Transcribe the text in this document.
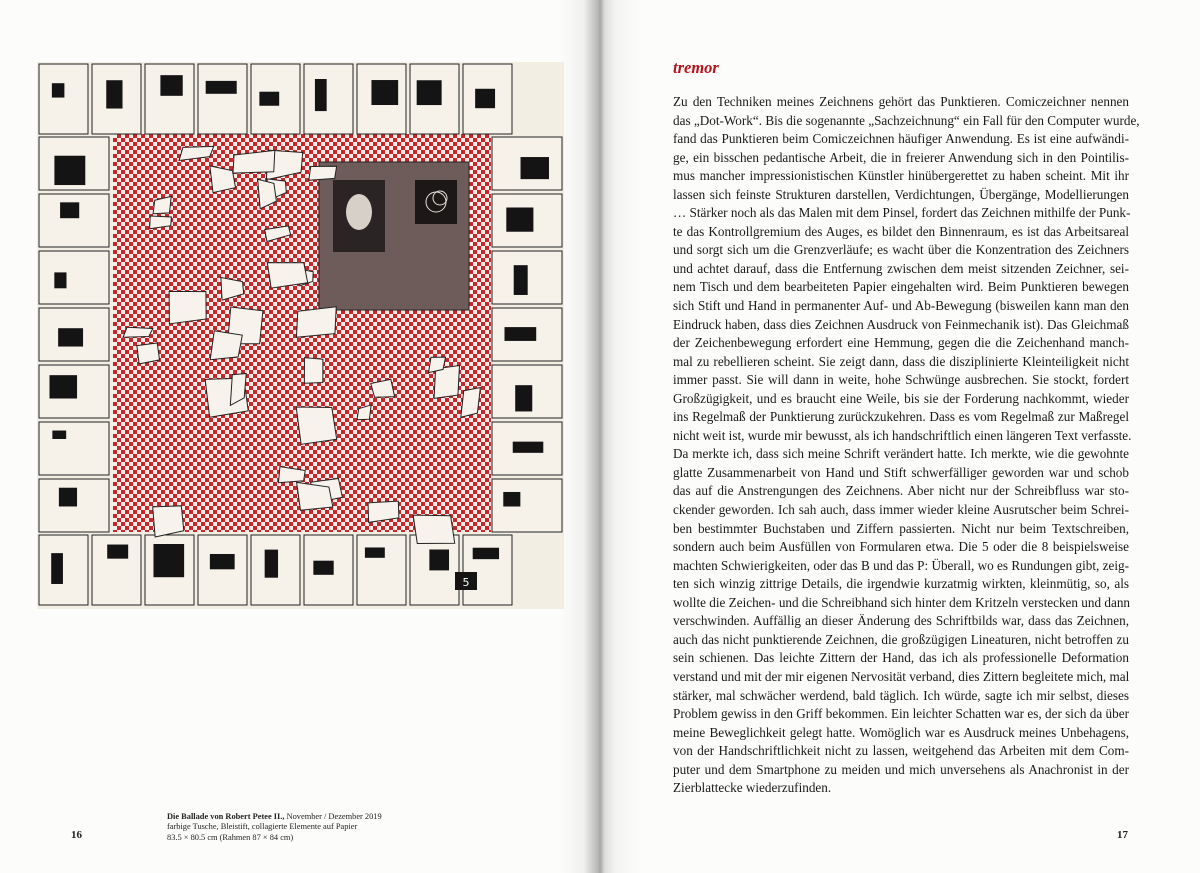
5
Die Ballade von Robert Petee II., November / Dezember 2019
farbige Tusche, Bleistift, collagierte Elemente auf Papier
83.5 × 80.5 cm (Rahmen 87 × 84 cm)
16
tremor
Zu den Techniken meines Zeichnens gehört das Punktieren. Comiczeichner nennen
das „Dot-Work“. Bis die sogenannte „Sachzeichnung“ ein Fall für den Computer wurde,
fand das Punktieren beim Comiczeichnen häufiger Anwendung. Es ist eine aufwändi-
ge, ein bisschen pedantische Arbeit, die in freierer Anwendung sich in den Pointilis-
mus mancher impressionistischen Künstler hinübergerettet zu haben scheint. Mit ihr
lassen sich feinste Strukturen darstellen, Verdichtungen, Übergänge, Modellierungen
… Stärker noch als das Malen mit dem Pinsel, fordert das Zeichnen mithilfe der Punk-
te das Kontrollgremium des Auges, es bildet den Binnenraum, es ist das Arbeitsareal
und sorgt sich um die Grenzverläufe; es wacht über die Konzentration des Zeichners
und achtet darauf, dass die Entfernung zwischen dem meist sitzenden Zeichner, sei-
nem Tisch und dem bearbeiteten Papier eingehalten wird. Beim Punktieren bewegen
sich Stift und Hand in permanenter Auf- und Ab-Bewegung (bisweilen kann man den
Eindruck haben, dass dies Zeichnen Ausdruck von Feinmechanik ist). Das Gleichmaß
der Zeichenbewegung erfordert eine Hemmung, gegen die die Zeichenhand manch-
mal zu rebellieren scheint. Sie zeigt dann, dass die disziplinierte Kleinteiligkeit nicht
immer passt. Sie will dann in weite, hohe Schwünge ausbrechen. Sie stockt, fordert
Großzügigkeit, und es braucht eine Weile, bis sie der Forderung nachkommt, wieder
ins Regelmaß der Punktierung zurückzukehren. Dass es vom Regelmaß zur Maßregel
nicht weit ist, wurde mir bewusst, als ich handschriftlich einen längeren Text verfasste.
Da merkte ich, dass sich meine Schrift verändert hatte. Ich merkte, wie die gewohnte
glatte Zusammenarbeit von Hand und Stift schwerfälliger geworden war und schob
das auf die Anstrengungen des Zeichnens. Aber nicht nur der Schreibfluss war sto-
ckender geworden. Ich sah auch, dass immer wieder kleine Ausrutscher beim Schrei-
ben bestimmter Buchstaben und Ziffern passierten. Nicht nur beim Textschreiben,
sondern auch beim Ausfüllen von Formularen etwa. Die 5 oder die 8 beispielsweise
machten Schwierigkeiten, oder das B und das P: Überall, wo es Rundungen gibt, zeig-
ten sich winzig zittrige Details, die irgendwie kurzatmig wirkten, kleinmütig, so, als
wollte die Zeichen- und die Schreibhand sich hinter dem Kritzeln verstecken und dann
verschwinden. Auffällig an dieser Änderung des Schriftbilds war, dass das Zeichnen,
auch das nicht punktierende Zeichnen, die großzügigen Lineaturen, nicht betroffen zu
sein schienen. Das leichte Zittern der Hand, das ich als professionelle Deformation
verstand und mit der mir eigenen Nervosität verband, dies Zittern begleitete mich, mal
stärker, mal schwächer werdend, bald täglich. Ich würde, sagte ich mir selbst, dieses
Problem gewiss in den Griff bekommen. Ein leichter Schatten war es, der sich da über
meine Beweglichkeit gelegt hatte. Womöglich war es Ausdruck meines Unbehagens,
von der Handschriftlichkeit nicht zu lassen, weitgehend das Arbeiten mit dem Com-
puter und dem Smartphone zu meiden und mich unversehens als Anachronist in der
Zierblattecke wiederzufinden.
17
